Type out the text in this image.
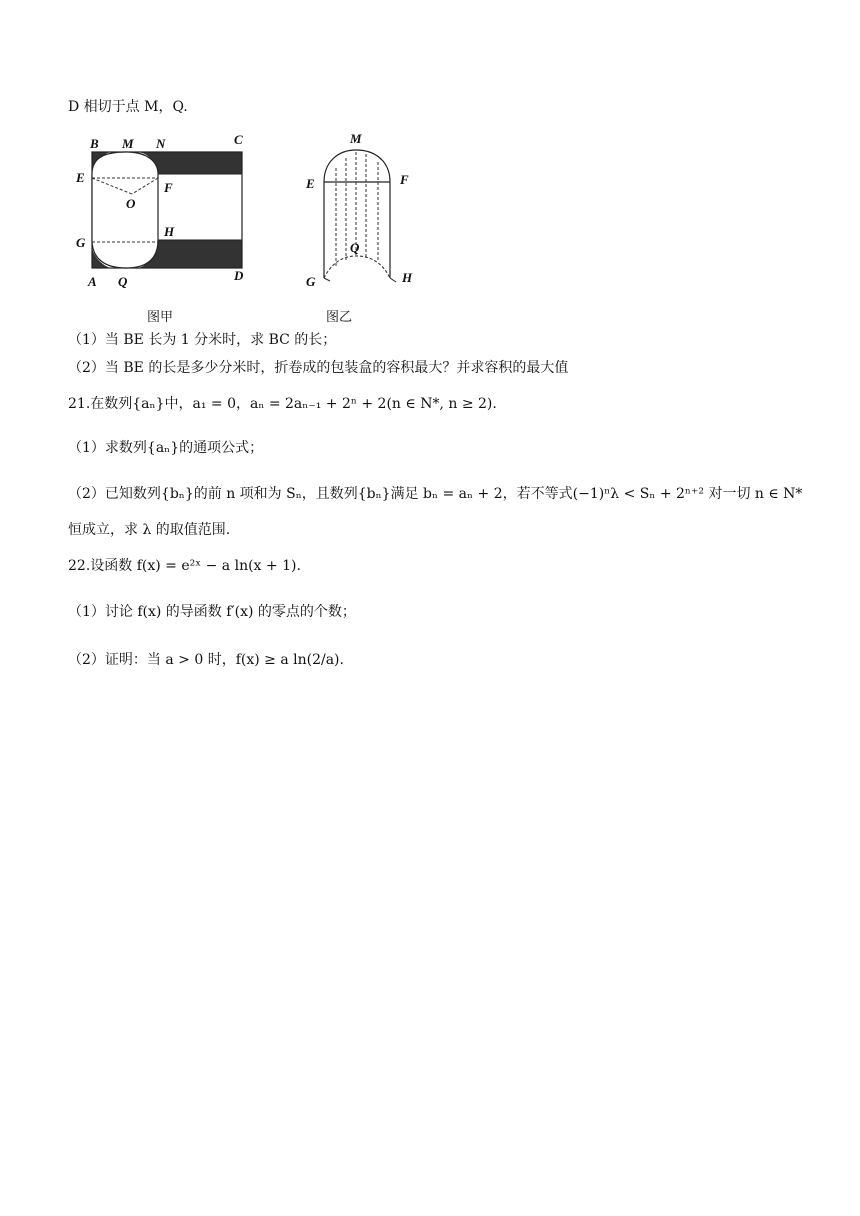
D 相切于点 M，Q.
B M N	C
E
F
O
G
H
A Q	D
图甲
M
E	F
Q
G	H
图乙
（1）当 BE 长为 1 分米时，求 BC 的长；
（2）当 BE 的长是多少分米时，折卷成的包装盒的容积最大？并求容积的最大值
21.在数列{aₙ}中，a₁ = 0，aₙ = 2aₙ₋₁ + 2ⁿ + 2(n ∈ N*, n ≥ 2).
（1）求数列{aₙ}的通项公式；
（2）已知数列{bₙ}的前 n 项和为 Sₙ，且数列{bₙ}满足 bₙ = aₙ + 2，若不等式(−1)ⁿλ < Sₙ + 2ⁿ⁺² 对一切 n ∈ N*
恒成立，求 λ 的取值范围.
22.设函数 f(x) = e²ˣ − a ln(x + 1).
（1）讨论 f(x) 的导函数 f′(x) 的零点的个数；
（2）证明：当 a > 0 时，f(x) ≥ a ln(2/a).
